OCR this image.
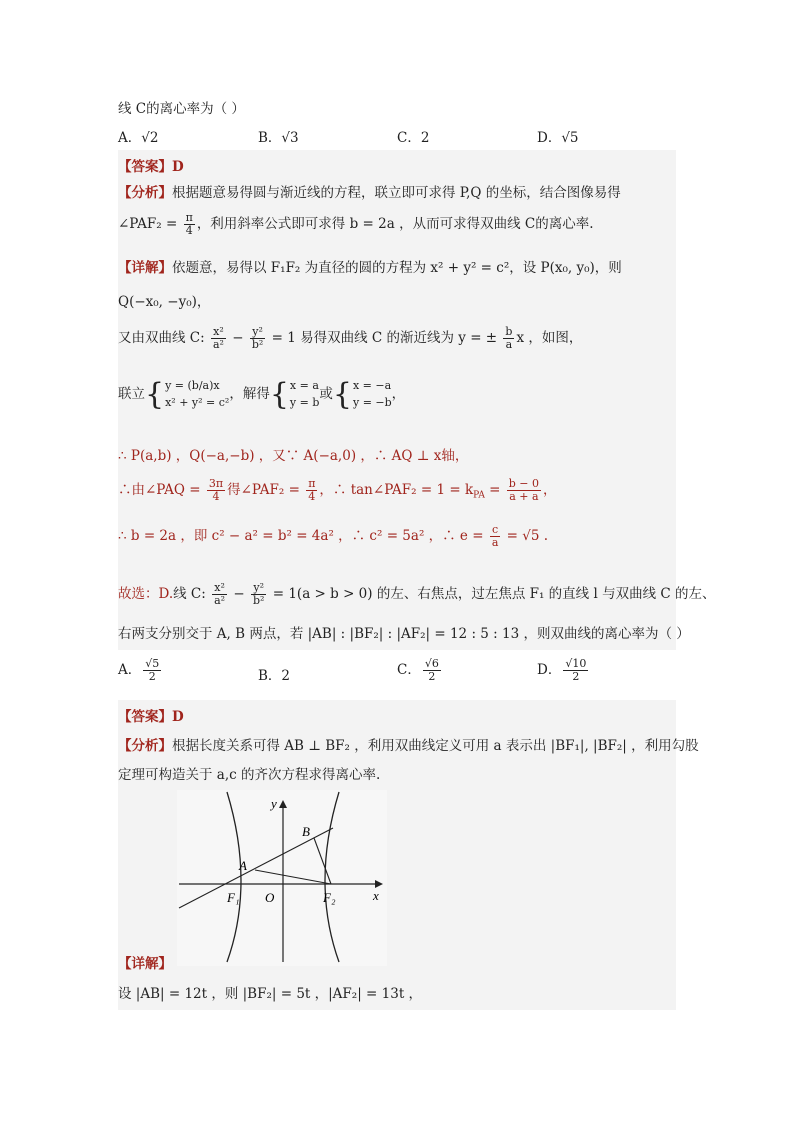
线 C的离心率为（ ）
A．√2	B．√3	C．2	D．√5
【答案】D
【分析】根据题意易得圆与渐近线的方程，联立即可求得 P,Q 的坐标，结合图像易得
∠PAF₂ = $\frac{\pi}{4}$ ，利用斜率公式即可求得 b = 2a ，从而可求得双曲线 C的离心率.
【详解】依题意，易得以 F₁F₂ 为直径的圆的方程为 x² + y² = c²，设 P(x₀, y₀)，则
Q(−x₀, −y₀)，
又由双曲线 C: $\frac{\text{x²}}{\text{a²}} - \frac{\text{y²}}{\text{b²}} = 1$ 易得双曲线 C 的渐近线为 y = ± $\frac{b}{a}$ x ，如图，
联立{ y = (b/a)x
x² + y² = c² ，解得{ x = a
y = b 或{ x = −a
y = −b ，
∴ P(a,b) ，Q(−a,−b) ，又∵ A(−a,0) ，∴ AQ ⊥ x轴，
∴由∠PAQ = $\frac{3\pi}{4}$ 得∠PAF₂ = $\frac{\pi}{4}$ ，∴ tan∠PAF₂ = $1 = k_{PA} = \frac{b - 0}{a + a}$ ，
∴ b = 2a ，即 c² − a² = b² = 4a² ，∴ c² = 5a² ，∴ $e = \frac{c}{a} = √5$ .
故选：D.线 C: $\frac{\text{x²}}{\text{a²}} - \frac{\text{y²}}{\text{b²}} = 1(a > b > 0)$ 的左、右焦点，过左焦点 F₁ 的直线 l 与双曲线 C 的左、
右两支分别交于 A, B 两点，若 |AB| : |BF₂| : |AF₂| = 12 : 5 : 13 ，则双曲线的离心率为（ ）
A． $\frac{√5}{2}$	B．2	C． $\frac{√6}{2}$	D． $\frac{√10}{2}$
【答案】D
【分析】根据长度关系可得 AB ⊥ BF₂ ，利用双曲线定义可用 a 表示出 |BF₁|, |BF₂| ，利用勾股
定理可构造关于 a,c 的齐次方程求得离心率.
y
x
A
B
O
F₁	F₂
【详解】
设 |AB| = 12t ，则 |BF₂| = 5t ，|AF₂| = 13t ，
